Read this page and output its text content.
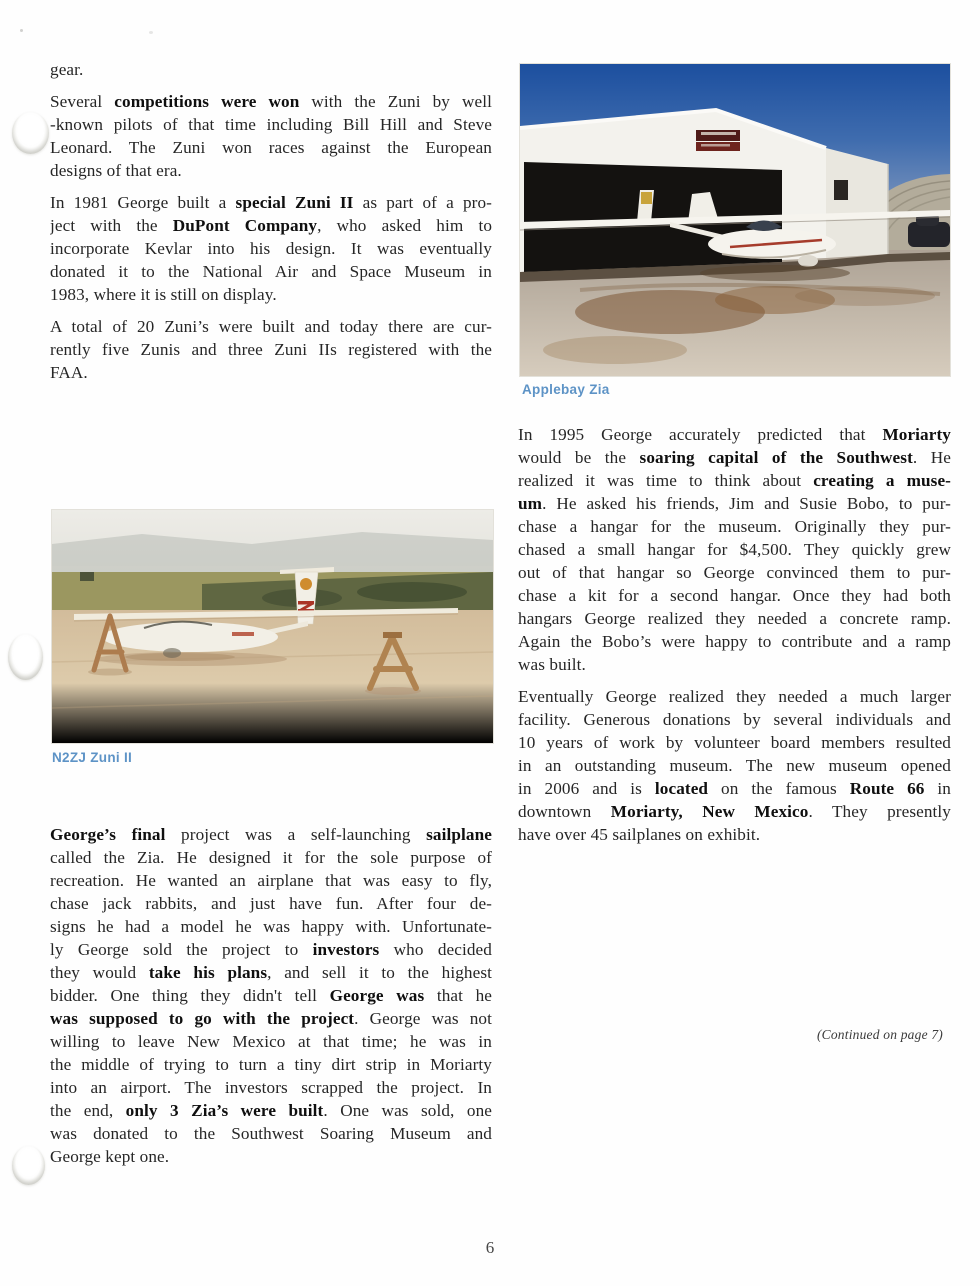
gear.
Several competitions were won with the Zuni by well
-known pilots of that time including Bill Hill and Steve
Leonard. The Zuni won races against the European
designs of that era.
In 1981 George built a special Zuni II as part of a pro-
ject with the DuPont Company, who asked him to
incorporate Kevlar into his design. It was eventually
donated it to the National Air and Space Museum in
1983, where it is still on display.
A total of 20 Zuni’s were built and today there are cur-
rently five Zunis and three Zuni IIs registered with the
FAA.
N2ZJ Zuni II
George’s final project was a self-launching sailplane
called the Zia. He designed it for the sole purpose of
recreation. He wanted an airplane that was easy to fly,
chase jack rabbits, and just have fun. After four de-
signs he had a model he was happy with. Unfortunate-
ly George sold the project to investors who decided
they would take his plans, and sell it to the highest
bidder. One thing they didn't tell George was that he
was supposed to go with the project. George was not
willing to leave New Mexico at that time; he was in
the middle of trying to turn a tiny dirt strip in Moriarty
into an airport. The investors scrapped the project. In
the end, only 3 Zia’s were built. One was sold, one
was donated to the Southwest Soaring Museum and
George kept one.
Applebay Zia
In 1995 George accurately predicted that Moriarty
would be the soaring capital of the Southwest. He
realized it was time to think about creating a muse-
um. He asked his friends, Jim and Susie Bobo, to pur-
chase a hangar for the museum. Originally they pur-
chased a small hangar for $4,500. They quickly grew
out of that hangar so George convinced them to pur-
chase a kit for a second hangar. Once they had both
hangars George realized they needed a concrete ramp.
Again the Bobo’s were happy to contribute and a ramp
was built.
Eventually George realized they needed a much larger
facility. Generous donations by several individuals and
10 years of work by volunteer board members resulted
in an outstanding museum. The new museum opened
in 2006 and is located on the famous Route 66 in
downtown Moriarty, New Mexico. They presently
have over 45 sailplanes on exhibit.
(Continued on page 7)
6
